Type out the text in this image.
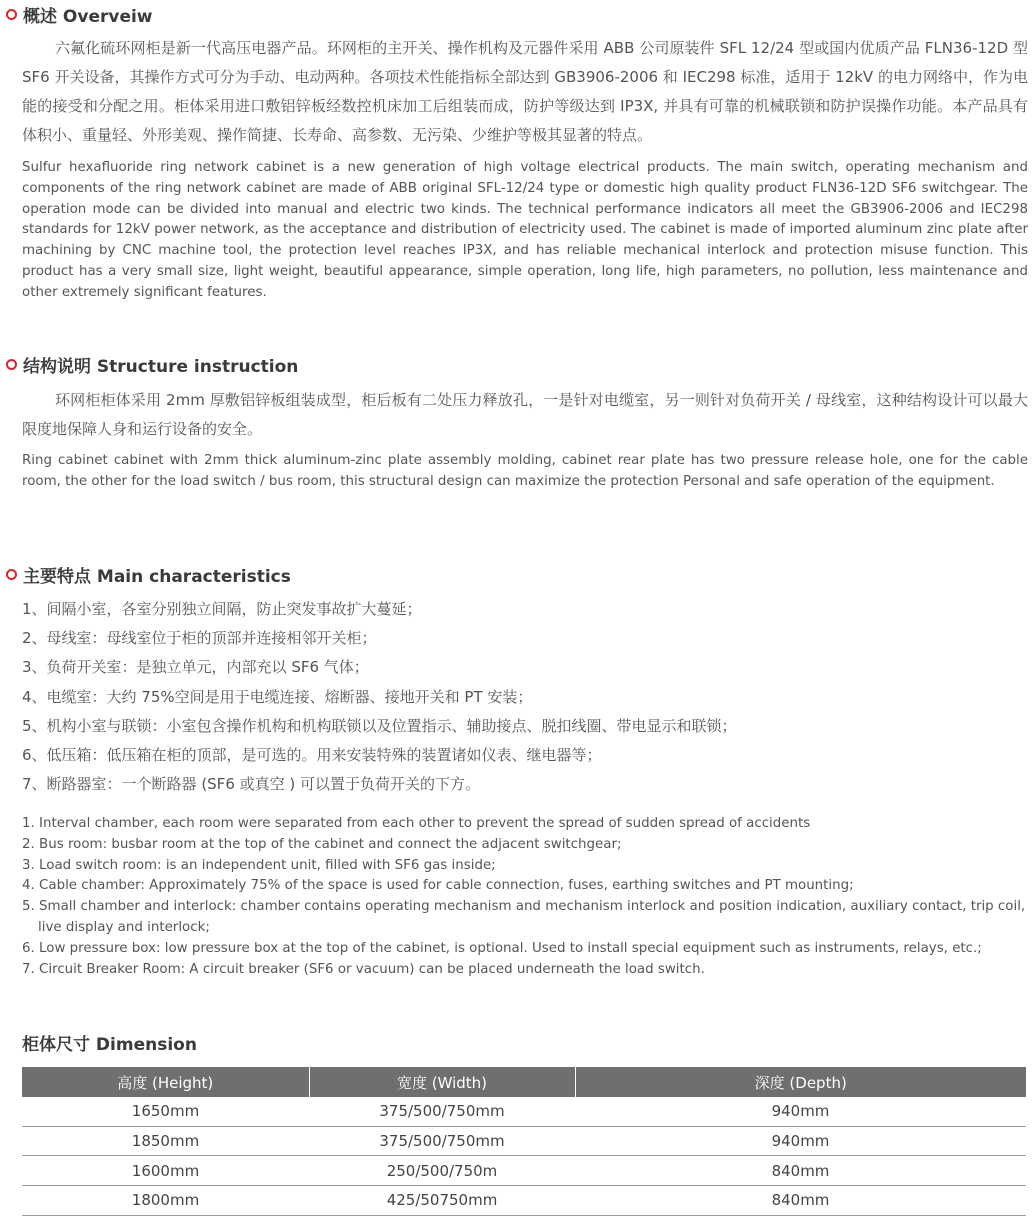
概述 Overveiw

六氟化硫环网柜是新一代高压电器产品。环网柜的主开关、操作机构及元器件采用 ABB 公司原装件 SFL 12/24 型或国内优质产品 FLN36-12D 型 SF6 开关设备，其操作方式可分为手动、电动两种。各项技术性能指标全部达到 GB3906-2006 和 IEC298 标准，适用于 12kV 的电力网络中，作为电能的接受和分配之用。柜体采用进口敷铝锌板经数控机床加工后组装而成，防护等级达到 IP3X, 并具有可靠的机械联锁和防护误操作功能。本产品具有体积小、重量轻、外形美观、操作简捷、长寿命、高参数、无污染、少维护等极其显著的特点。

Sulfur hexafluoride ring network cabinet is a new generation of high voltage electrical products. The main switch, operating mechanism and components of the ring network cabinet are made of ABB original SFL-12/24 type or domestic high quality product FLN36-12D SF6 switchgear. The operation mode can be divided into manual and electric two kinds. The technical performance indicators all meet the GB3906-2006 and IEC298 standards for 12kV power network, as the acceptance and distribution of electricity used. The cabinet is made of imported aluminum zinc plate after machining by CNC machine tool, the protection level reaches IP3X, and has reliable mechanical interlock and protection misuse function. This product has a very small size, light weight, beautiful appearance, simple operation, long life, high parameters, no pollution, less maintenance and other extremely significant features.

结构说明 Structure instruction

环网柜柜体采用 2mm 厚敷铝锌板组装成型，柜后板有二处压力释放孔，一是针对电缆室，另一则针对负荷开关 / 母线室，这种结构设计可以最大限度地保障人身和运行设备的安全。

Ring cabinet cabinet with 2mm thick aluminum-zinc plate assembly molding, cabinet rear plate has two pressure release hole, one for the cable room, the other for the load switch / bus room, this structural design can maximize the protection Personal and safe operation of the equipment.

主要特点 Main characteristics
1、间隔小室，各室分别独立间隔，防止突发事故扩大蔓延；
2、母线室：母线室位于柜的顶部并连接相邻开关柜；
3、负荷开关室：是独立单元，内部充以 SF6 气体；
4、电缆室：大约 75%空间是用于电缆连接、熔断器、接地开关和 PT 安装；
5、机构小室与联锁：小室包含操作机构和机构联锁以及位置指示、辅助接点、脱扣线圈、带电显示和联锁；
6、低压箱：低压箱在柜的顶部，是可选的。用来安装特殊的装置诸如仪表、继电器等；
7、断路器室：一个断路器 (SF6 或真空 ) 可以置于负荷开关的下方。
1. Interval chamber, each room were separated from each other to prevent the spread of sudden spread of accidents
2. Bus room: busbar room at the top of the cabinet and connect the adjacent switchgear;
3. Load switch room: is an independent unit, filled with SF6 gas inside;
4. Cable chamber: Approximately 75% of the space is used for cable connection, fuses, earthing switches and PT mounting;
5. Small chamber and interlock: chamber contains operating mechanism and mechanism interlock and position indication, auxiliary contact, trip coil, live display and interlock;
6. Low pressure box: low pressure box at the top of the cabinet, is optional. Used to install special equipment such as instruments, relays, etc.;
7. Circuit Breaker Room: A circuit breaker (SF6 or vacuum) can be placed underneath the load switch.
柜体尺寸 Dimension
高度 (Height)	宽度 (Width)	深度 (Depth)
1650mm	375/500/750mm	940mm
1850mm	375/500/750mm	940mm
1600mm	250/500/750m	840mm
1800mm	425/50750mm	840mm
